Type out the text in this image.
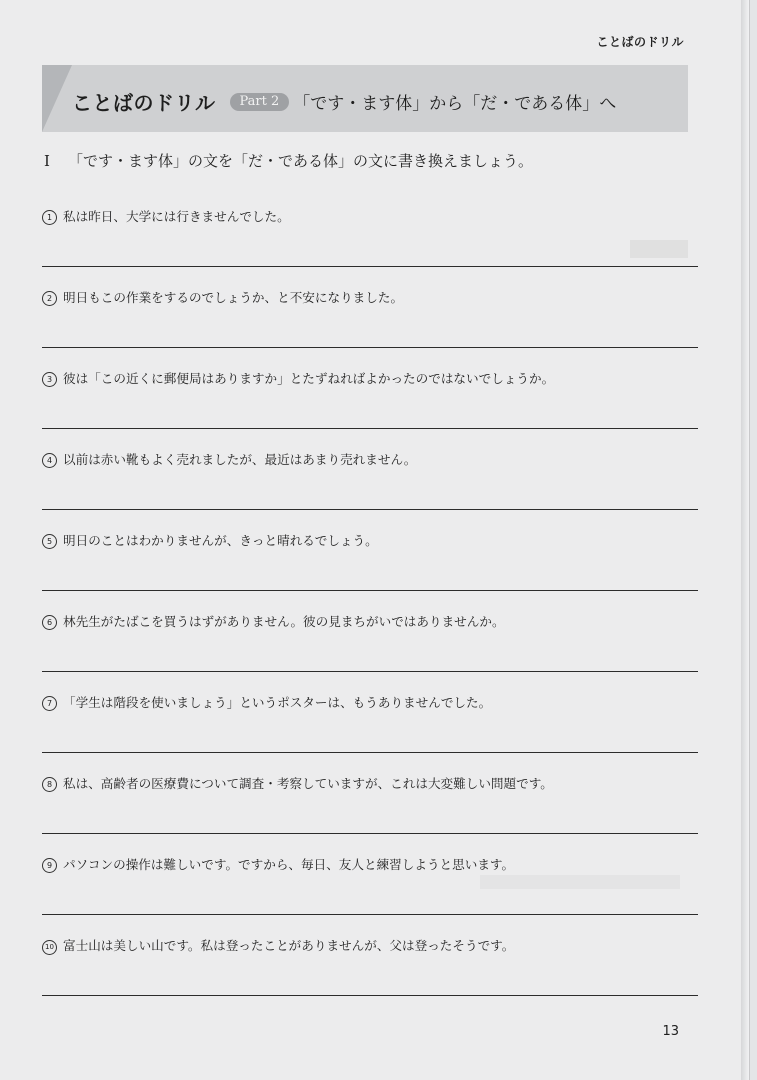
ことばのドリル
ことばのドリル	Part 2 「です・ます体」から「だ・である体」へ
I 「です・ます体」の文を「だ・である体」の文に書き換えましょう。
1 私は昨日、大学には行きませんでした。
2 明日もこの作業をするのでしょうか、と不安になりました。
3 彼は「この近くに郵便局はありますか」とたずねればよかったのではないでしょうか。
4 以前は赤い靴もよく売れましたが、最近はあまり売れません。
5 明日のことはわかりませんが、きっと晴れるでしょう。
6 林先生がたばこを買うはずがありません。彼の見まちがいではありませんか。
7 「学生は階段を使いましょう」というポスターは、もうありませんでした。
8 私は、高齢者の医療費について調査・考察していますが、これは大変難しい問題です。
9 パソコンの操作は難しいです。ですから、毎日、友人と練習しようと思います。
10 富士山は美しい山です。私は登ったことがありませんが、父は登ったそうです。
13
